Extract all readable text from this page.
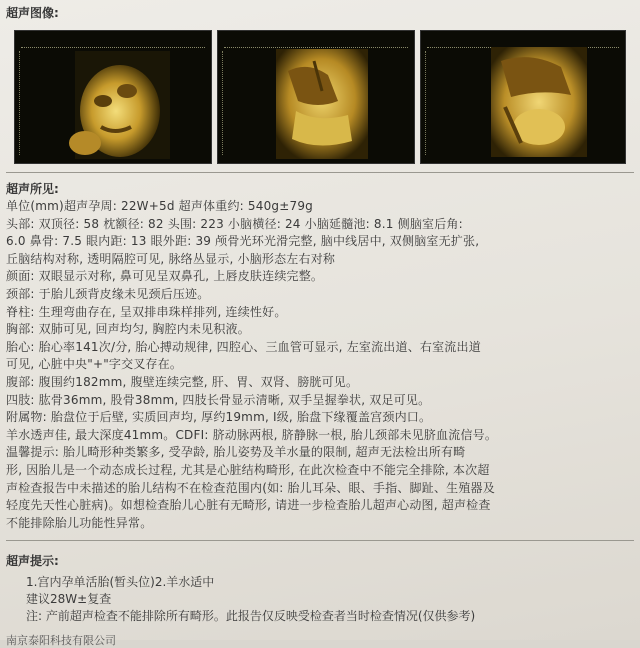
超声图像:
超声所见:
单位(mm)超声孕周: 22W+5d 超声体重约: 540g±79g
头部: 双顶径: 58 枕额径: 82 头围: 223 小脑横径: 24 小脑延髓池: 8.1 侧脑室后角:
6.0 鼻骨: 7.5 眼内距: 13 眼外距: 39 颅骨光环光滑完整, 脑中线居中, 双侧脑室无扩张,
丘脑结构对称, 透明隔腔可见, 脉络丛显示, 小脑形态左右对称
颜面: 双眼显示对称, 鼻可见呈双鼻孔, 上唇皮肤连续完整。
颈部: 于胎儿颈背皮缘未见颈后压迹。
脊柱: 生理弯曲存在, 呈双排串珠样排列, 连续性好。
胸部: 双肺可见, 回声均匀, 胸腔内未见积液。
胎心: 胎心率141次/分, 胎心搏动规律, 四腔心、三血管可显示, 左室流出道、右室流出道
可见, 心脏中央"+"字交叉存在。
腹部: 腹围约182mm, 腹壁连续完整, 肝、胃、双肾、膀胱可见。
四肢: 肱骨36mm, 股骨38mm, 四肢长骨显示清晰, 双手呈握拳状, 双足可见。
附属物: 胎盘位于后壁, 实质回声均, 厚约19mm, I级, 胎盘下缘覆盖宫颈内口。
羊水透声佳, 最大深度41mm。CDFI: 脐动脉两根, 脐静脉一根, 胎儿颈部未见脐血流信号。
温馨提示: 胎儿畸形种类繁多, 受孕龄, 胎儿姿势及羊水量的限制, 超声无法检出所有畸
形, 因胎儿是一个动态成长过程, 尤其是心脏结构畸形, 在此次检查中不能完全排除, 本次超
声检查报告中未描述的胎儿结构不在检查范围内(如: 胎儿耳朵、眼、手指、脚趾、生殖器及
轻度先天性心脏病)。如想检查胎儿心脏有无畸形, 请进一步检查胎儿超声心动图, 超声检查
不能排除胎儿功能性异常。
超声提示:
1.宫内孕单活胎(暂头位)2.羊水适中
建议28W±复查
注: 产前超声检查不能排除所有畸形。此报告仅反映受检查者当时检查情况(仅供参考)
南京泰阳科技有限公司
